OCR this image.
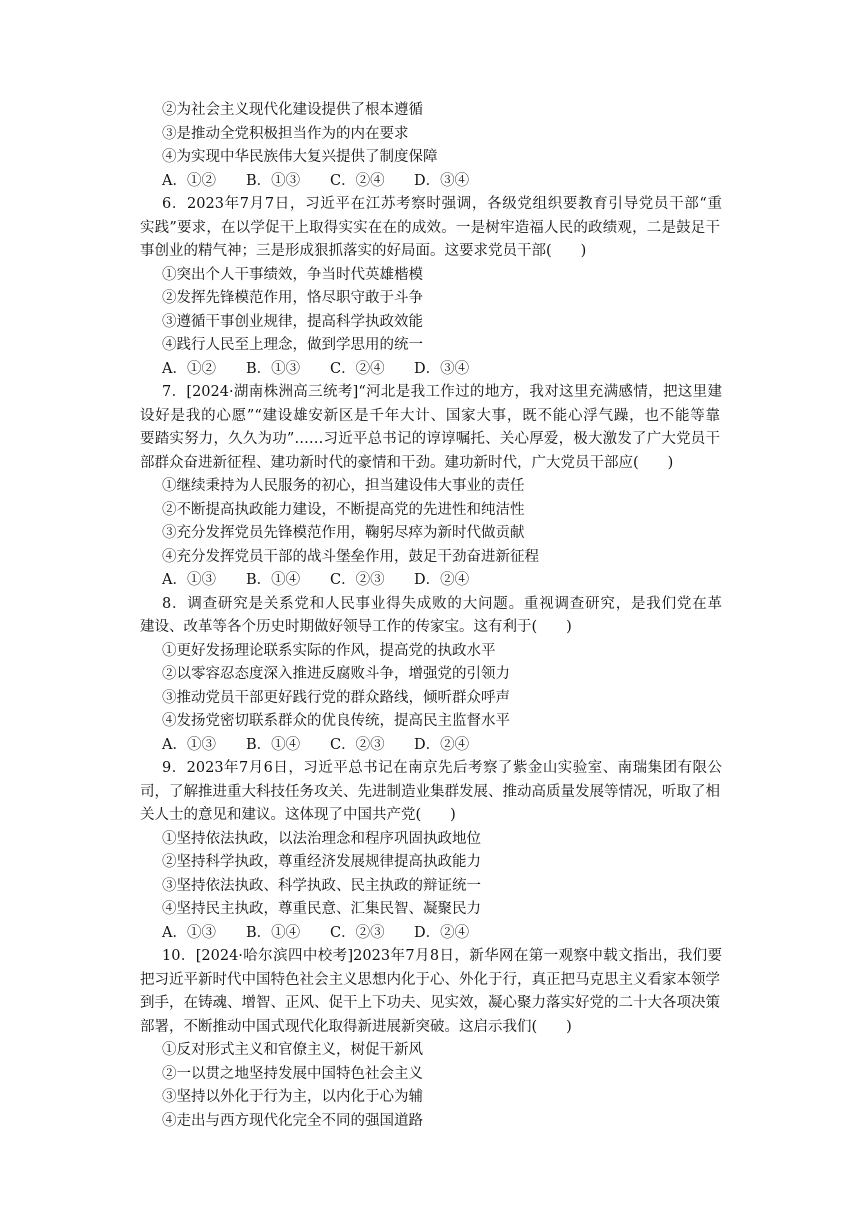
②为社会主义现代化建设提供了根本遵循
③是推动全党积极担当作为的内在要求
④为实现中华民族伟大复兴提供了制度保障
A．①② B．①③ C．②④ D．③④
6．2023年7月7日，习近平在江苏考察时强调，各级党组织要教育引导党员干部“重
实践”要求，在以学促干上取得实实在在的成效。一是树牢造福人民的政绩观，二是鼓足干
事创业的精气神；三是形成狠抓落实的好局面。这要求党员干部(　　)
①突出个人干事绩效，争当时代英雄楷模
②发挥先锋模范作用，恪尽职守敢于斗争
③遵循干事创业规律，提高科学执政效能
④践行人民至上理念，做到学思用的统一
A．①② B．①③ C．②④ D．③④
7．[2024·湖南株洲高三统考]“河北是我工作过的地方，我对这里充满感情，把这里建
设好是我的心愿”“建设雄安新区是千年大计、国家大事，既不能心浮气躁，也不能等靠
要踏实努力，久久为功”……习近平总书记的谆谆嘱托、关心厚爱，极大激发了广大党员干
部群众奋进新征程、建功新时代的豪情和干劲。建功新时代，广大党员干部应(　　)
①继续秉持为人民服务的初心，担当建设伟大事业的责任
②不断提高执政能力建设，不断提高党的先进性和纯洁性
③充分发挥党员先锋模范作用，鞠躬尽瘁为新时代做贡献
④充分发挥党员干部的战斗堡垒作用，鼓足干劲奋进新征程
A．①③ B．①④ C．②③ D．②④
8．调查研究是关系党和人民事业得失成败的大问题。重视调查研究，是我们党在革
建设、改革等各个历史时期做好领导工作的传家宝。这有利于(　　)
①更好发扬理论联系实际的作风，提高党的执政水平
②以零容忍态度深入推进反腐败斗争，增强党的引领力
③推动党员干部更好践行党的群众路线，倾听群众呼声
④发扬党密切联系群众的优良传统，提高民主监督水平
A．①③ B．①④ C．②③ D．②④
9．2023年7月6日，习近平总书记在南京先后考察了紫金山实验室、南瑞集团有限公
司，了解推进重大科技任务攻关、先进制造业集群发展、推动高质量发展等情况，听取了相
关人士的意见和建议。这体现了中国共产党(　　)
①坚持依法执政，以法治理念和程序巩固执政地位
②坚持科学执政，尊重经济发展规律提高执政能力
③坚持依法执政、科学执政、民主执政的辩证统一
④坚持民主执政，尊重民意、汇集民智、凝聚民力
A．①③ B．①④ C．②③ D．②④
10．[2024·哈尔滨四中校考]2023年7月8日，新华网在第一观察中载文指出，我们要
把习近平新时代中国特色社会主义思想内化于心、外化于行，真正把马克思主义看家本领学
到手，在铸魂、增智、正风、促干上下功夫、见实效，凝心聚力落实好党的二十大各项决策
部署，不断推动中国式现代化取得新进展新突破。这启示我们(　　)
①反对形式主义和官僚主义，树促干新风
②一以贯之地坚持发展中国特色社会主义
③坚持以外化于行为主，以内化于心为辅
④走出与西方现代化完全不同的强国道路
